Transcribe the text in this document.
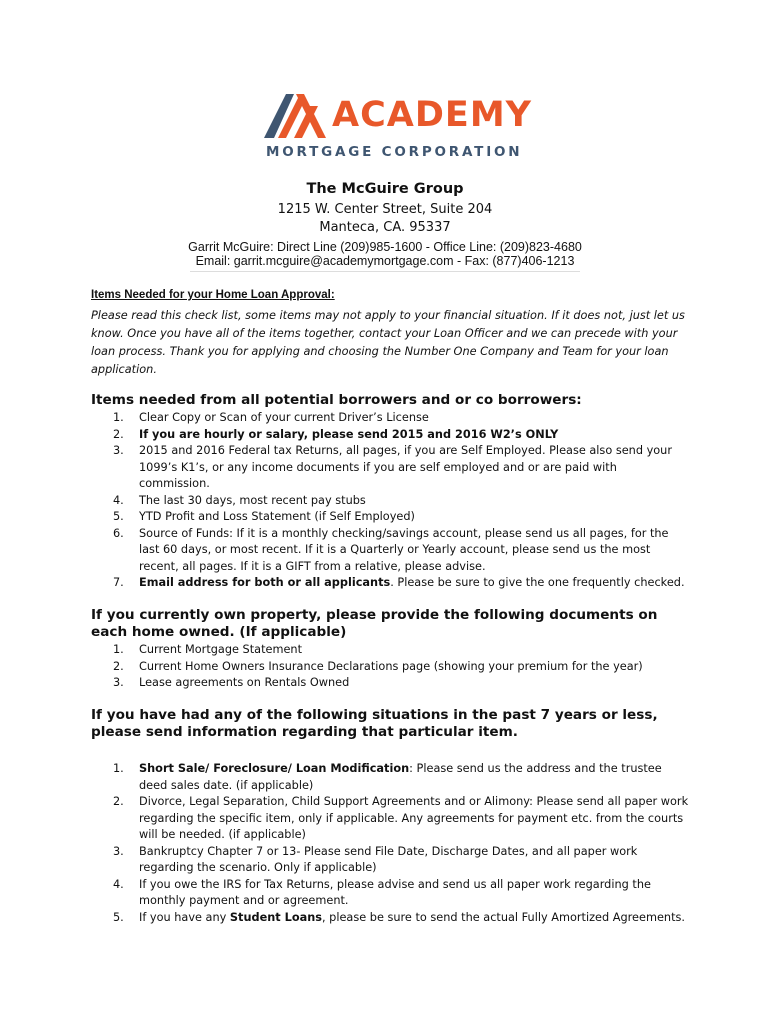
ACADEMY
MORTGAGE CORPORATION
The McGuire Group
1215 W. Center Street, Suite 204
Manteca, CA. 95337
Garrit McGuire: Direct Line (209)985-1600 - Office Line: (209)823-4680
Email: garrit.mcguire@academymortgage.com - Fax: (877)406-1213
Items Needed for your Home Loan Approval:
Please read this check list, some items may not apply to your financial situation. If it does not, just let us know. Once you have all of the items together, contact your Loan Officer and we can precede with your loan process. Thank you for applying and choosing the Number One Company and Team for your loan application.
Items needed from all potential borrowers and or co borrowers:
1. Clear Copy or Scan of your current Driver’s License
2. If you are hourly or salary, please send 2015 and 2016 W2’s ONLY
3. 2015 and 2016 Federal tax Returns, all pages, if you are Self Employed. Please also send your 1099’s K1’s, or any income documents if you are self employed and or are paid with commission.
4. The last 30 days, most recent pay stubs
5. YTD Profit and Loss Statement (if Self Employed)
6. Source of Funds: If it is a monthly checking/savings account, please send us all pages, for the last 60 days, or most recent. If it is a Quarterly or Yearly account, please send us the most recent, all pages. If it is a GIFT from a relative, please advise.
7. Email address for both or all applicants. Please be sure to give the one frequently checked.
If you currently own property, please provide the following documents on each home owned. (If applicable)
1. Current Mortgage Statement
2. Current Home Owners Insurance Declarations page (showing your premium for the year)
3. Lease agreements on Rentals Owned
If you have had any of the following situations in the past 7 years or less, please send information regarding that particular item.
1. Short Sale/ Foreclosure/ Loan Modification: Please send us the address and the trustee deed sales date. (if applicable)
2. Divorce, Legal Separation, Child Support Agreements and or Alimony: Please send all paper work regarding the specific item, only if applicable. Any agreements for payment etc. from the courts will be needed. (if applicable)
3. Bankruptcy Chapter 7 or 13- Please send File Date, Discharge Dates, and all paper work regarding the scenario. Only if applicable)
4. If you owe the IRS for Tax Returns, please advise and send us all paper work regarding the monthly payment and or agreement.
5. If you have any Student Loans, please be sure to send the actual Fully Amortized Agreements.
